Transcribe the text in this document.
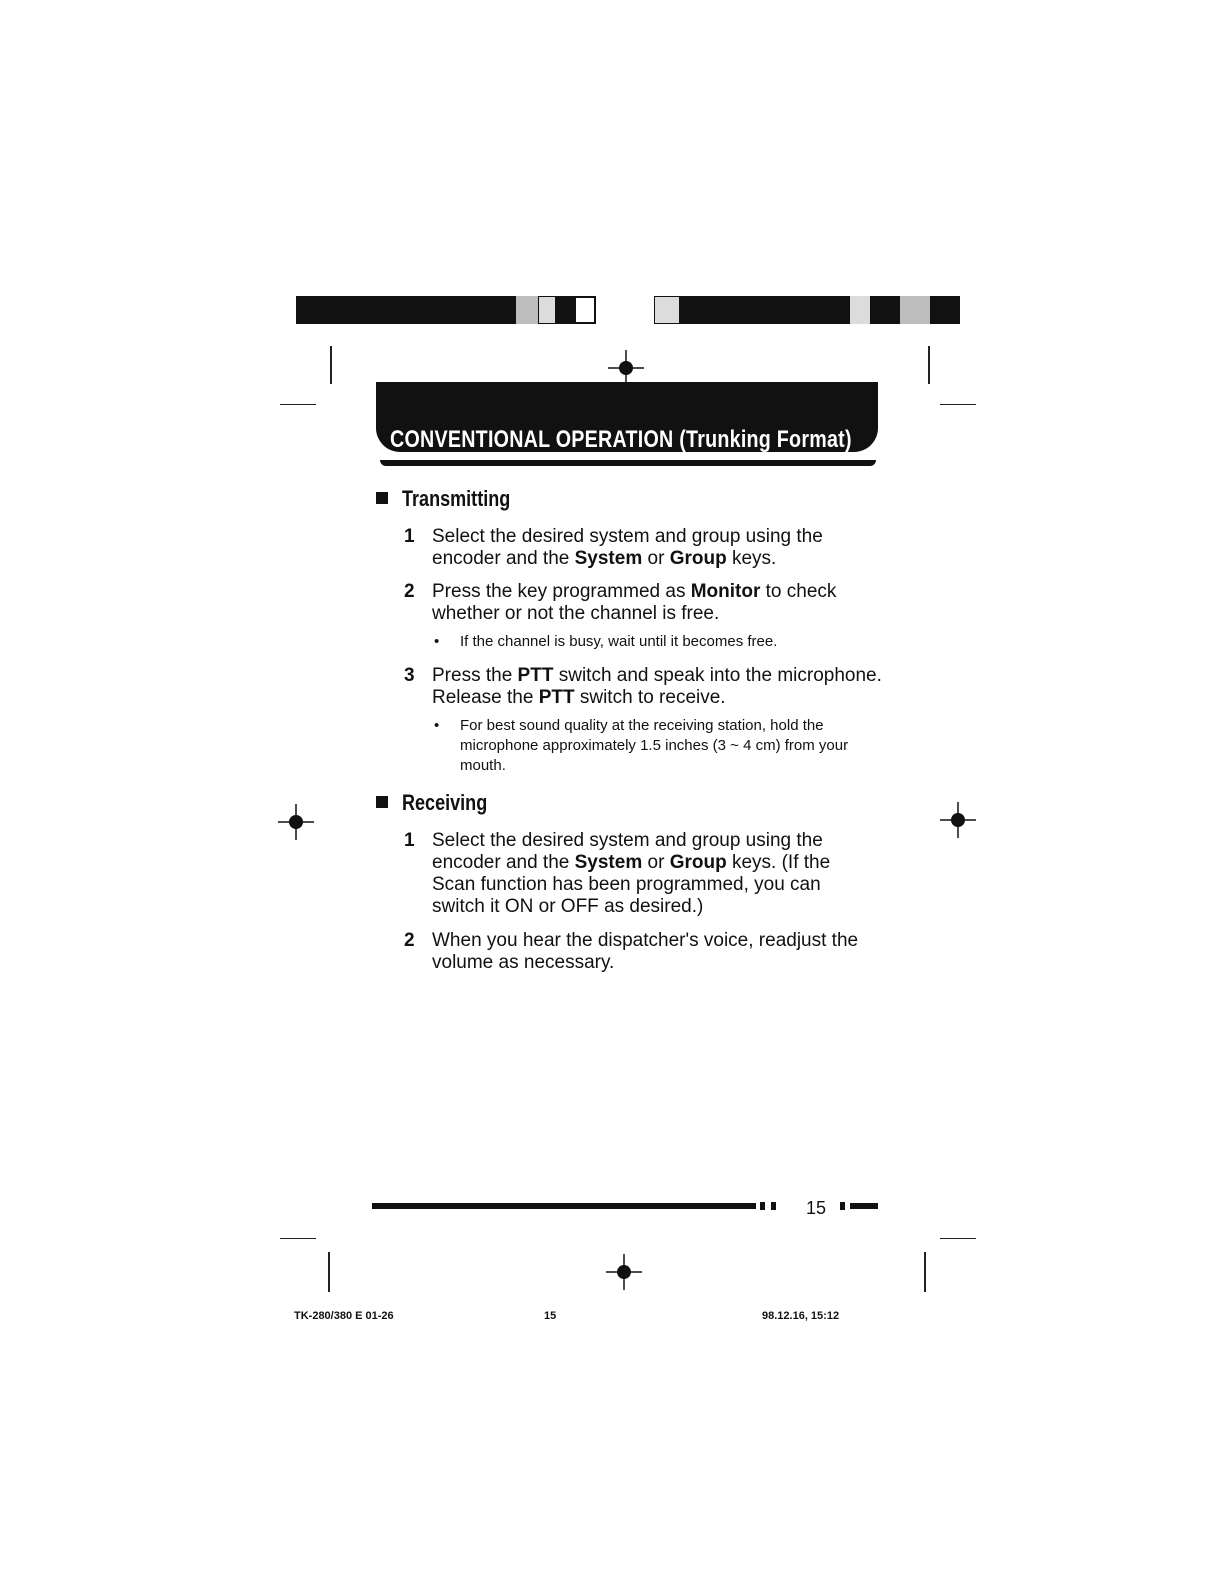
CONVENTIONAL OPERATION (Trunking Format)
Transmitting
1 Select the desired system and group using the encoder and the System or Group keys.
2 Press the key programmed as Monitor to check whether or not the channel is free.
• If the channel is busy, wait until it becomes free.
3 Press the PTT switch and speak into the microphone. Release the PTT switch to receive.
• For best sound quality at the receiving station, hold the microphone approximately 1.5 inches (3 ~ 4 cm) from your mouth.
Receiving
1 Select the desired system and group using the encoder and the System or Group keys. (If the Scan function has been programmed, you can switch it ON or OFF as desired.)
2 When you hear the dispatcher's voice, readjust the volume as necessary.
15
TK-280/380 E 01-26	15	98.12.16, 15:12
